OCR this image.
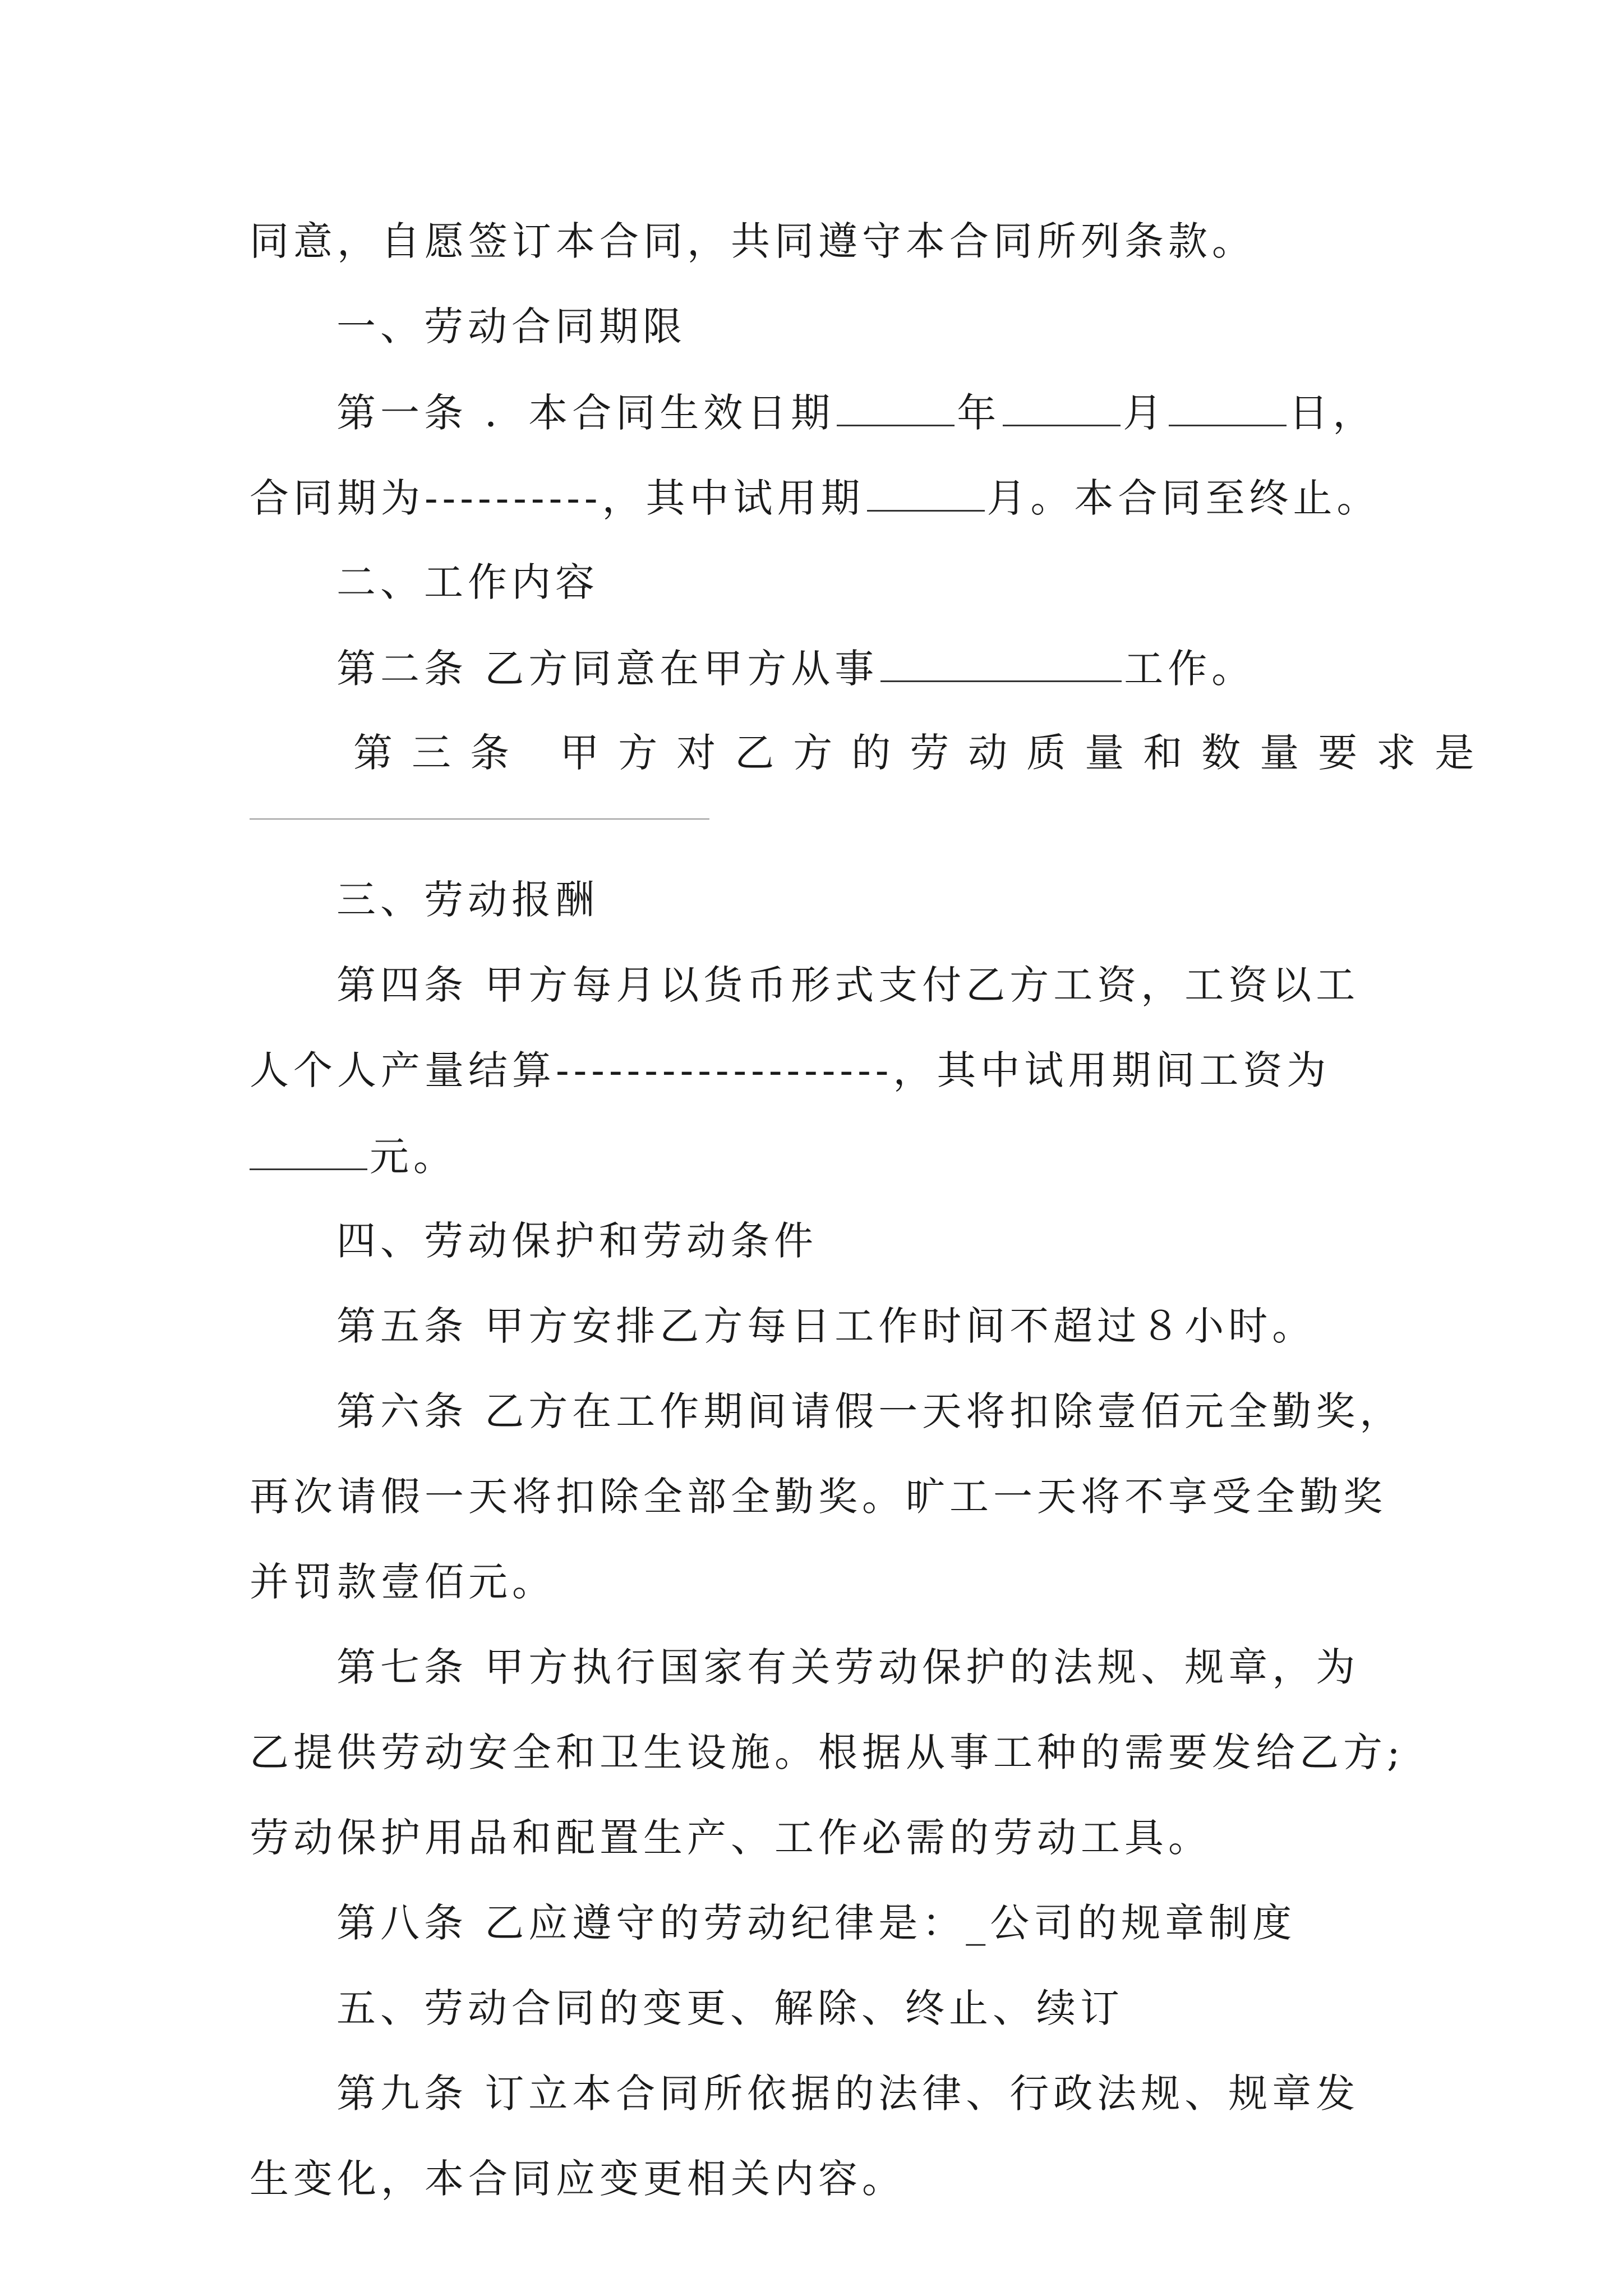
同意，自愿签订本合同，共同遵守本合同所列条款。
一、劳动合同期限
第一条 ．本合同生效日期	年	月	日，
合同期为----------，其中试用期	月。本合同至终止。
二、工作内容
第二条 乙方同意在甲方从事	工作。
第三条 甲方对乙方的劳动质量和数量要求是
三、劳动报酬
第四条 甲方每月以货币形式支付乙方工资，工资以工
人个人产量结算-------------------，其中试用期间工资为
元。
四、劳动保护和劳动条件
第五条 甲方安排乙方每日工作时间不超过８小时。
第六条 乙方在工作期间请假一天将扣除壹佰元全勤奖，
再次请假一天将扣除全部全勤奖。旷工一天将不享受全勤奖
并罚款壹佰元。
第七条 甲方执行国家有关劳动保护的法规、规章，为
乙提供劳动安全和卫生设施。根据从事工种的需要发给乙方;
劳动保护用品和配置生产、工作必需的劳动工具。
第八条 乙应遵守的劳动纪律是：_公司的规章制度
五、劳动合同的变更、解除、终止、续订
第九条 订立本合同所依据的法律、行政法规、规章发
生变化，本合同应变更相关内容。
